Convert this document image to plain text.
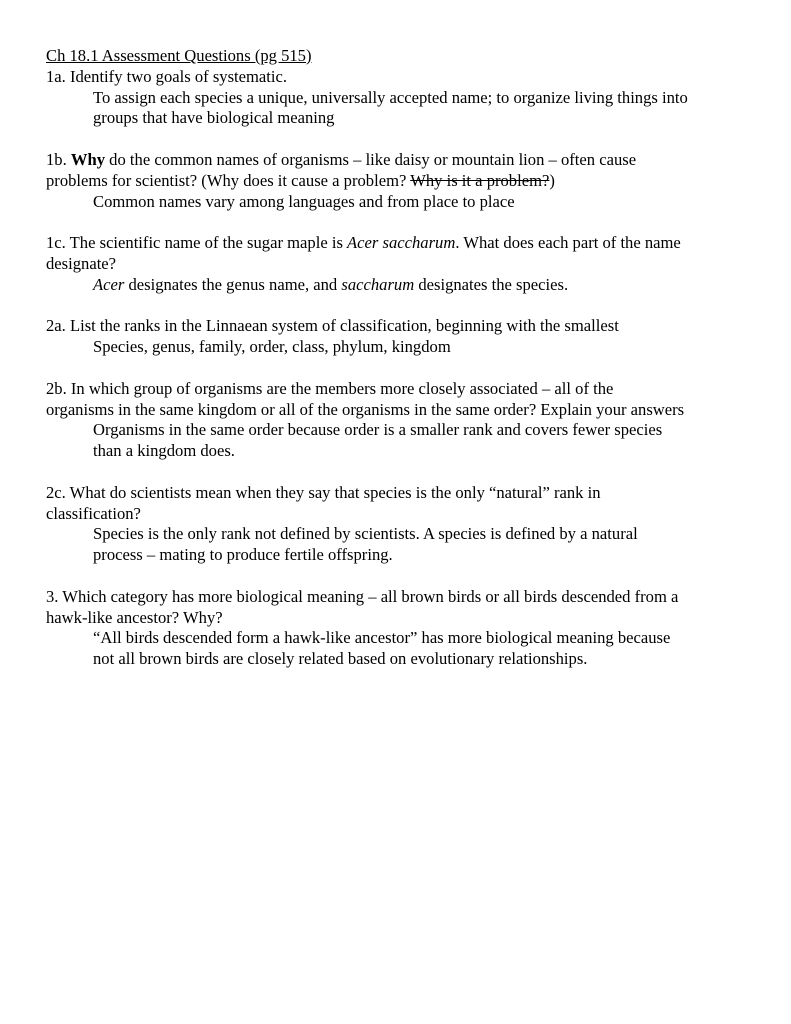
Ch 18.1 Assessment Questions (pg 515)
1a. Identify two goals of systematic.
To assign each species a unique, universally accepted name; to organize living things into
groups that have biological meaning
1b. Why do the common names of organisms – like daisy or mountain lion – often cause
problems for scientist? (Why does it cause a problem? Why is it a problem?)
Common names vary among languages and from place to place
1c. The scientific name of the sugar maple is Acer saccharum. What does each part of the name
designate?
Acer designates the genus name, and saccharum designates the species.
2a. List the ranks in the Linnaean system of classification, beginning with the smallest
Species, genus, family, order, class, phylum, kingdom
2b. In which group of organisms are the members more closely associated – all of the
organisms in the same kingdom or all of the organisms in the same order? Explain your answers
Organisms in the same order because order is a smaller rank and covers fewer species
than a kingdom does.
2c. What do scientists mean when they say that species is the only “natural” rank in
classification?
Species is the only rank not defined by scientists. A species is defined by a natural
process – mating to produce fertile offspring.
3. Which category has more biological meaning – all brown birds or all birds descended from a
hawk-like ancestor? Why?
“All birds descended form a hawk-like ancestor” has more biological meaning because
not all brown birds are closely related based on evolutionary relationships.
